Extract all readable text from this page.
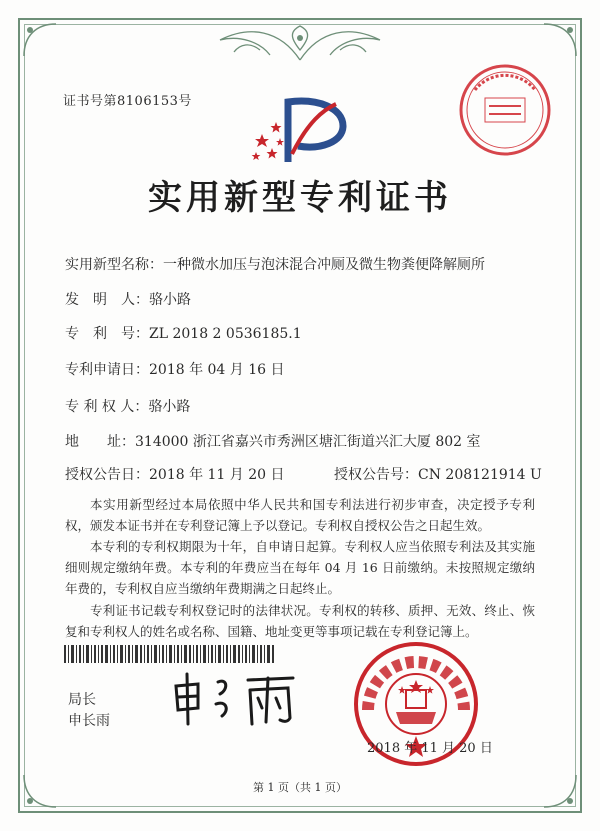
证书号第8106153号
实用新型专利证书
实用新型名称：一种微水加压与泡沫混合冲厕及微生物粪便降解厕所
发　明　人：骆小路
专　利　号：ZL 2018 2 0536185.1
专利申请日：2018 年 04 月 16 日
专 利 权 人：骆小路
地　　址：314000 浙江省嘉兴市秀洲区塘汇街道兴汇大厦 802 室
授权公告日：2018 年 11 月 20 日	授权公告号：CN 208121914 U
本实用新型经过本局依照中华人民共和国专利法进行初步审查，决定授予专利权，颁发本证书并在专利登记簿上予以登记。专利权自授权公告之日起生效。
本专利的专利权期限为十年，自申请日起算。专利权人应当依照专利法及其实施细则规定缴纳年费。本专利的年费应当在每年 04 月 16 日前缴纳。未按照规定缴纳年费的，专利权自应当缴纳年费期满之日起终止。
专利证书记载专利权登记时的法律状况。专利权的转移、质押、无效、终止、恢复和专利权人的姓名或名称、国籍、地址变更等事项记载在专利登记簿上。
局长
申长雨
2018 年 11 月 20 日
第 1 页（共 1 页）
